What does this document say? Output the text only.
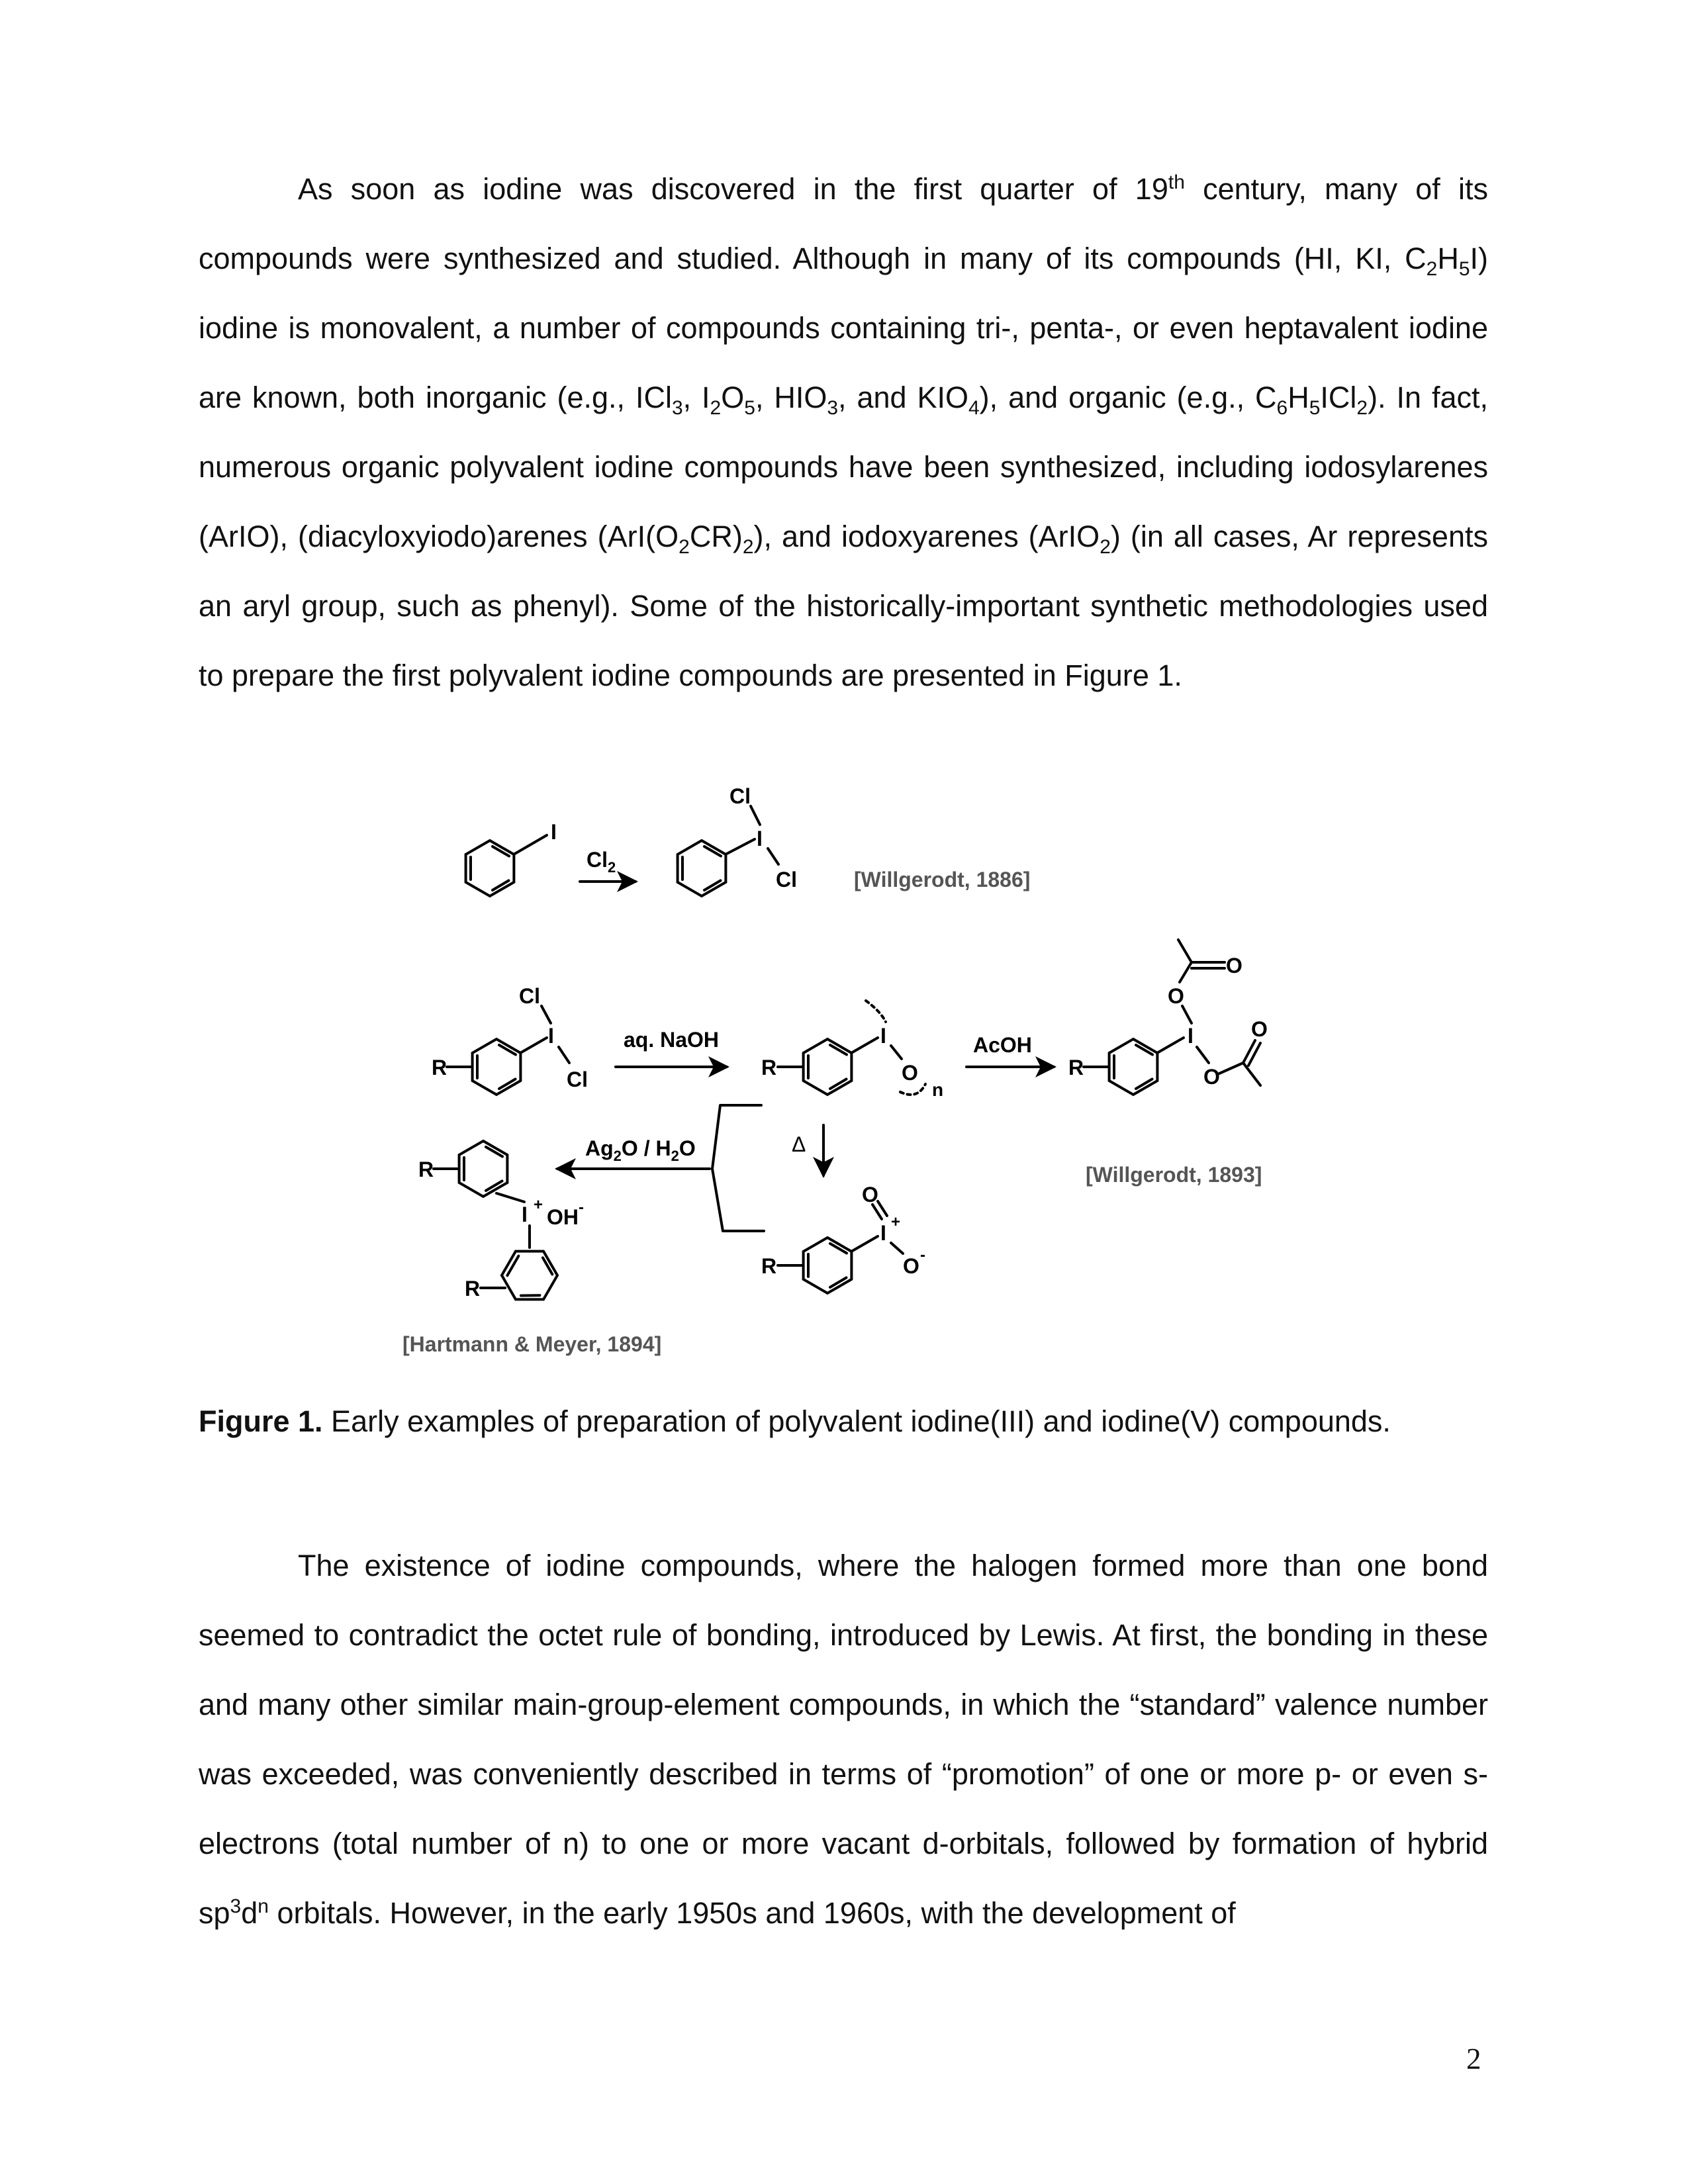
As soon as iodine was discovered in the first quarter of 19th century, many of its compounds were synthesized and studied. Although in many of its compounds (HI, KI, $C_2H_5I$) iodine is monovalent, a number of compounds containing tri-, penta-, or even heptavalent iodine are known, both inorganic (e.g., ICl$_3$, $I_2O_5$, $HIO_3$, and $KIO_4$), and organic (e.g., $C_6H_5ICl_2$). In fact, numerous organic polyvalent iodine compounds have been synthesized, including iodosylarenes (ArIO), (diacyloxyiodo)arenes $(ArI(O_2CR)_2)$, and iodoxyarenes (ArIO$_2$) (in all cases, Ar represents an aryl group, such as phenyl). Some of the historically-important synthetic methodologies used to prepare the first polyvalent iodine compounds are presented in Figure 1.

I
$Cl_2$
I
Cl
Cl	[Willgerodt, 1886]
R
I
Cl
Cl
aq. NaOH
R
I
O
n
AcOH
R
I
O
O
O
O
Δ
$Ag_2O / H_2O$
R
I +
O
O -
[Willgerodt, 1893]
R
I +
OH -
R
[Hartmann & Meyer, 1894]

Figure 1. Early examples of preparation of polyvalent iodine(III) and iodine(V) compounds.

The existence of iodine compounds, where the halogen formed more than one bond seemed to contradict the octet rule of bonding, introduced by Lewis. At first, the bonding in these and many other similar main-group-element compounds, in which the “standard” valence number was exceeded, was conveniently described in terms of “promotion” of one or more p- or even s-electrons (total number of n) to one or more vacant d-orbitals, followed by formation of hybrid $sp^3d^n$ orbitals. However, in the early 1950s and 1960s, with the development of

2
